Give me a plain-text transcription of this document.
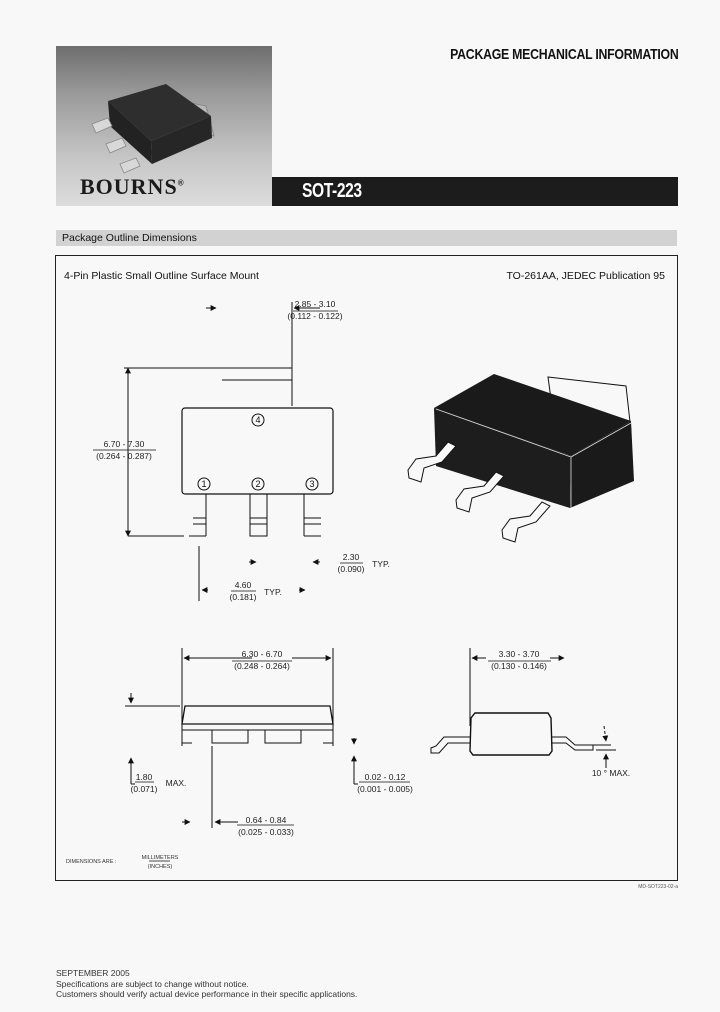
BOURNS®
PACKAGE MECHANICAL INFORMATION
SOT-223
Package Outline Dimensions
4-Pin Plastic Small Outline Surface Mount	TO-261AA, JEDEC Publication 95
4
1	2	3
2.85 - 3.10
(0.112 - 0.122)
6.70 - 7.30
(0.264 - 0.287)
2.30
(0.090) TYP.
4.60
(0.181) TYP.
6.30 - 6.70
(0.248 - 0.264)
3.30 - 3.70
(0.130 - 0.146)
1.80
(0.071)
MAX.
0.02 - 0.12
(0.001 - 0.005)
0.64 - 0.84
(0.025 - 0.033)
10 ° MAX.
DIMENSIONS ARE :
MILLIMETERS
(INCHES)
MD-SOT223-02-a
SEPTEMBER 2005
Specifications are subject to change without notice.
Customers should verify actual device performance in their specific applications.
